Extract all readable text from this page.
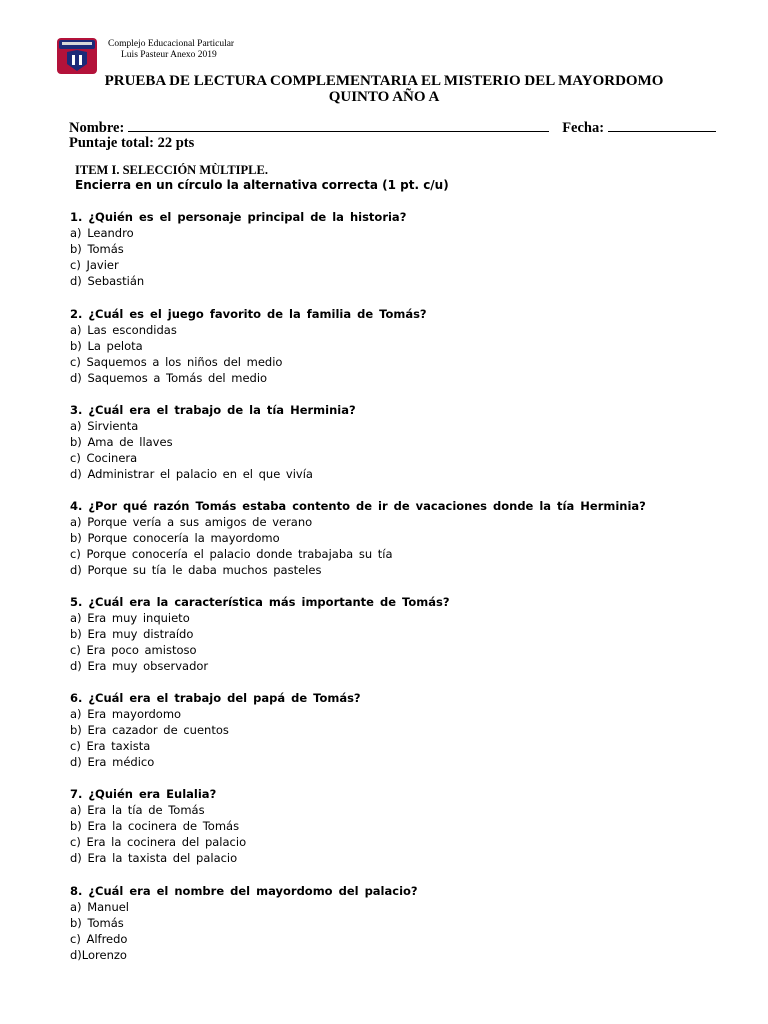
Complejo Educacional Particular
Luis Pasteur Anexo 2019
PRUEBA DE LECTURA COMPLEMENTARIA EL MISTERIO DEL MAYORDOMO
QUINTO AÑO A
Nombre:	Fecha:
Puntaje total: 22 pts
ITEM I. SELECCIÓN MÙLTIPLE.
Encierra en un círculo la alternativa correcta (1 pt. c/u)
1. ¿Quién es el personaje principal de la historia?
a) Leandro
b) Tomás
c) Javier
d) Sebastián
2. ¿Cuál es el juego favorito de la familia de Tomás?
a) Las escondidas
b) La pelota
c) Saquemos a los niños del medio
d) Saquemos a Tomás del medio
3. ¿Cuál era el trabajo de la tía Herminia?
a) Sirvienta
b) Ama de llaves
c) Cocinera
d) Administrar el palacio en el que vivía
4. ¿Por qué razón Tomás estaba contento de ir de vacaciones donde la tía Herminia?
a) Porque vería a sus amigos de verano
b) Porque conocería la mayordomo
c) Porque conocería el palacio donde trabajaba su tía
d) Porque su tía le daba muchos pasteles
5. ¿Cuál era la característica más importante de Tomás?
a) Era muy inquieto
b) Era muy distraído
c) Era poco amistoso
d) Era muy observador
6. ¿Cuál era el trabajo del papá de Tomás?
a) Era mayordomo
b) Era cazador de cuentos
c) Era taxista
d) Era médico
7. ¿Quién era Eulalia?
a) Era la tía de Tomás
b) Era la cocinera de Tomás
c) Era la cocinera del palacio
d) Era la taxista del palacio
8. ¿Cuál era el nombre del mayordomo del palacio?
a) Manuel
b) Tomás
c) Alfredo
d)Lorenzo
